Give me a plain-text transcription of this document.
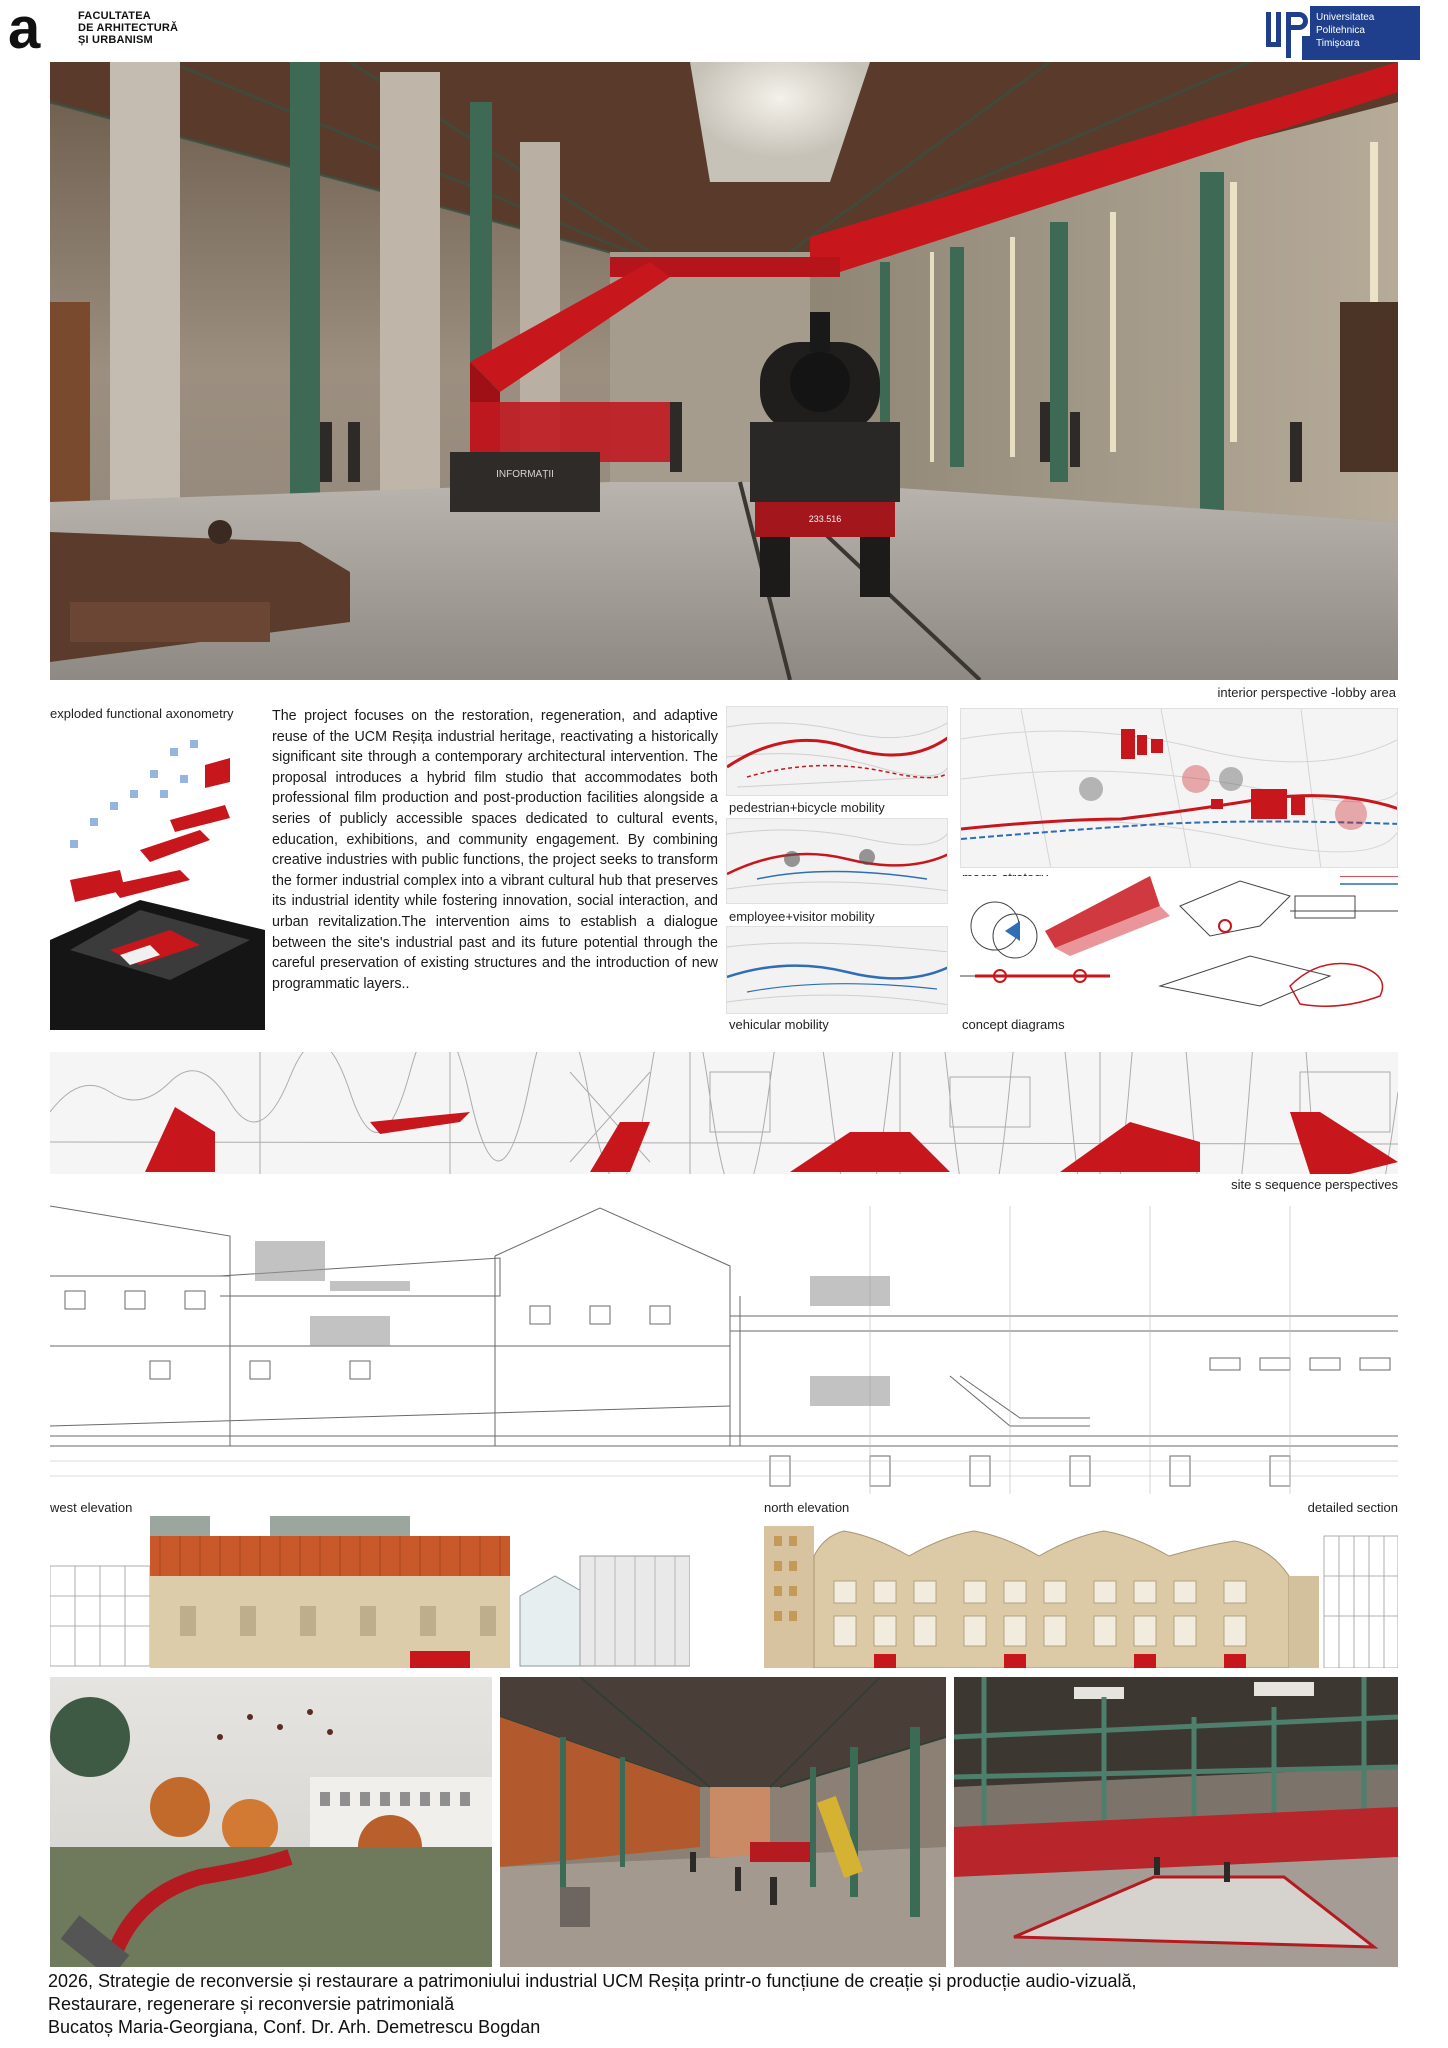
a	FACULTATEA
DE ARHITECTURĂ
ȘI URBANISM
Universitatea
Politehnica
Timișoara
INFORMAȚII
233.516
interior perspective -lobby area
exploded functional axonometry	The project focuses on the restoration, regeneration, and adaptive reuse of the UCM Reșița industrial heritage, reactivating a historically significant site through a contemporary architectural intervention. The proposal introduces a hybrid film studio that accommodates both professional film production and post-production facilities alongside a series of publicly accessible spaces dedicated to cultural events, education, exhibitions, and community engagement. By combining creative industries with public functions, the project seeks to transform the former industrial complex into a vibrant cultural hub that preserves its industrial identity while fostering innovation, social interaction, and urban revitalization.The intervention aims to establish a dialogue between the site's industrial past and its future potential through the careful preservation of existing structures and the introduction of new programmatic layers..
pedestrian+bicycle mobility
employee+visitor mobility
vehicular mobility	concept diagrams
site s sequence perspectives
west elevation	north elevation	detailed section
2026, Strategie de reconversie și restaurare a patrimoniului industrial UCM Reșița printr-o funcțiune de creație și producție audio-vizuală,
Restaurare, regenerare și reconversie patrimonială
Bucatoș Maria-Georgiana, Conf. Dr. Arh. Demetrescu Bogdan
